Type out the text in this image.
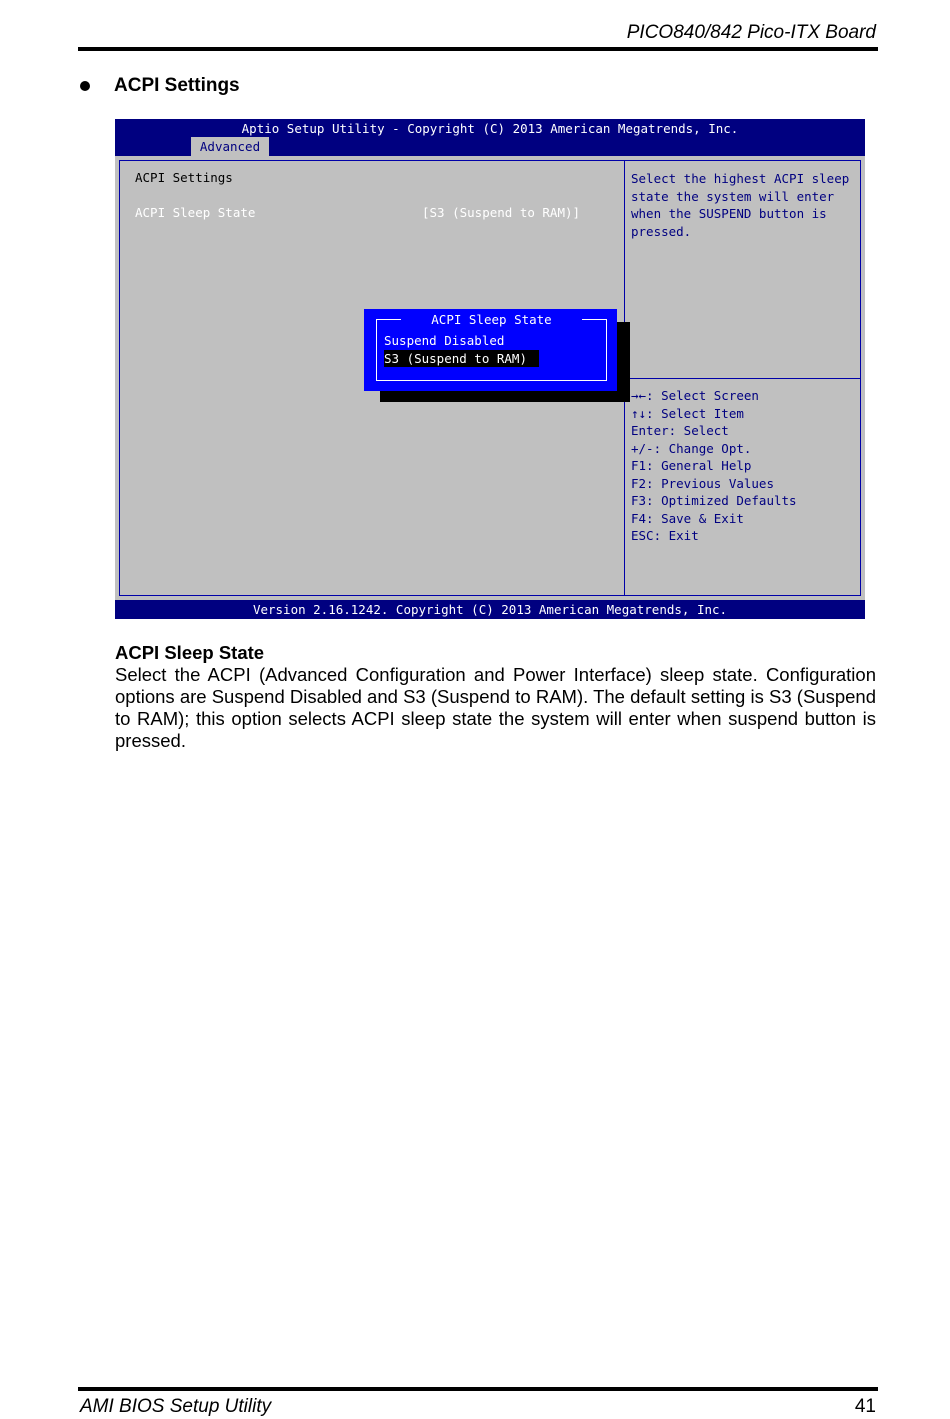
PICO840/842 Pico-ITX Board
ACPI Settings
Aptio Setup Utility - Copyright (C) 2013 American Megatrends, Inc.
Advanced
ACPI Settings
ACPI Sleep State	[S3 (Suspend to RAM)]
Select the highest ACPI sleep state the system will enter when the SUSPEND button is pressed.
→←: Select Screen
↑↓: Select Item
Enter: Select
+/-: Change Opt.
F1: General Help
F2: Previous Values
F3: Optimized Defaults
F4: Save & Exit
ESC: Exit
ACPI Sleep State
Suspend Disabled
S3 (Suspend to RAM)
Version 2.16.1242. Copyright (C) 2013 American Megatrends, Inc.
ACPI Sleep State
Select the ACPI (Advanced Configuration and Power Interface) sleep state. Configuration options are Suspend Disabled and S3 (Suspend to RAM). The default setting is S3 (Suspend to RAM); this option selects ACPI sleep state the system will enter when suspend button is pressed.
AMI BIOS Setup Utility	41
